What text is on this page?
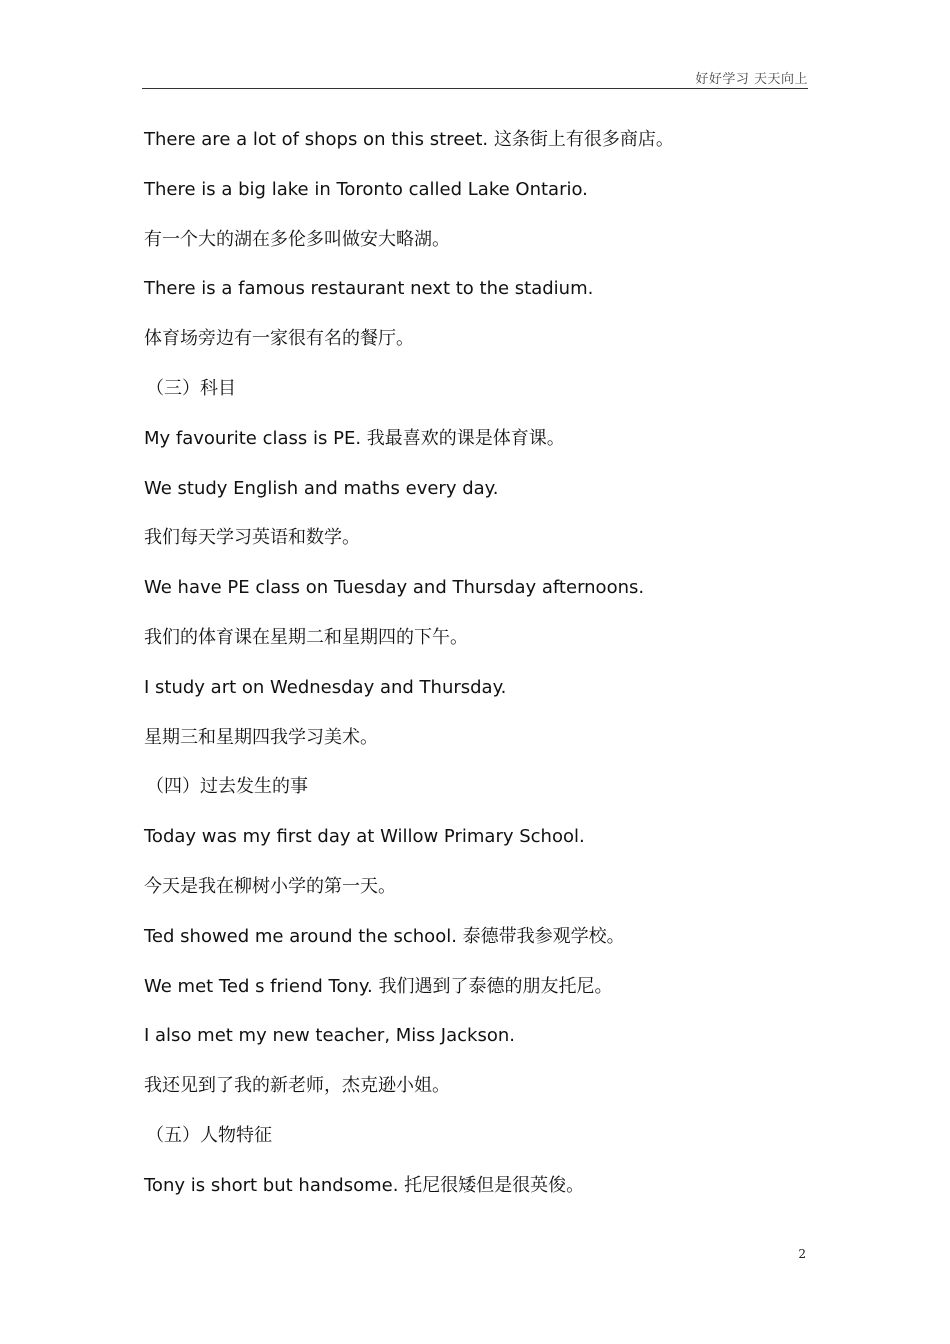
好好学习 天天向上
There are a lot of shops on this street. 这条街上有很多商店。
There is a big lake in Toronto called Lake Ontario.
有一个大的湖在多伦多叫做安大略湖。
There is a famous restaurant next to the stadium.
体育场旁边有一家很有名的餐厅。
（三）科目
My favourite class is PE. 我最喜欢的课是体育课。
We study English and maths every day.
我们每天学习英语和数学。
We have PE class on Tuesday and Thursday afternoons.
我们的体育课在星期二和星期四的下午。
I study art on Wednesday and Thursday.
星期三和星期四我学习美术。
（四）过去发生的事
Today was my first day at Willow Primary School.
今天是我在柳树小学的第一天。
Ted showed me around the school. 泰德带我参观学校。
We met Ted s friend Tony. 我们遇到了泰德的朋友托尼。
I also met my new teacher, Miss Jackson.
我还见到了我的新老师，杰克逊小姐。
（五）人物特征
Tony is short but handsome. 托尼很矮但是很英俊。
2
